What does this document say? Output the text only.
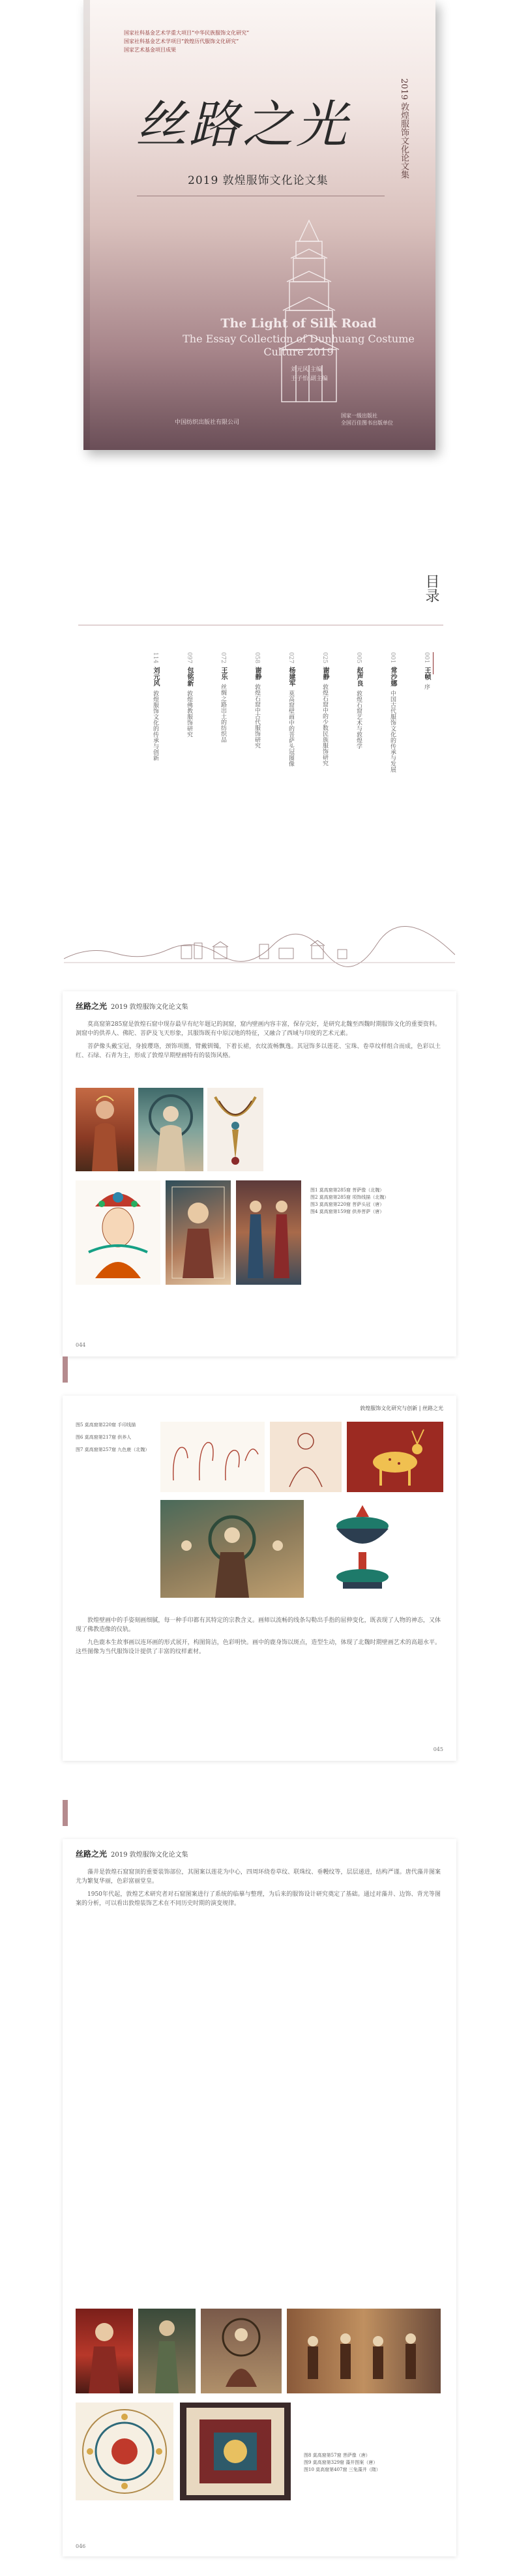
国家社科基金艺术学重大项目“中华民族服饰文化研究”
国家社科基金艺术学项目“敦煌历代服饰文化研究”
国家艺术基金项目成果
丝路之光
2019 敦煌服饰文化论文集
2019 敦煌服饰文化论文集
The Light of Silk Road
The Essay Collection of Dunhuang Costume Culture 2019
刘元风 主编
王子怡 副主编
中国纺织出版社有限公司
国家一级出版社
全国百佳图书出版单位
目录
001  王帧  序
001  常沙娜  中国古代服饰文化的传承与发展
005  赵声良  敦煌石窟艺术与敦煌学
025  谢静  敦煌石窟中的少数民族服饰研究
027  杨建军  莫高窟壁画中的菩萨头冠图像
058  谢静  敦煌石窟中古代服饰研究
072  王乐  丝绸之路出土的纺织品
097  包铭新  敦煌佛教服饰研究
114  刘元风  敦煌服饰文化的传承与创新
丝路之光 2019 敦煌服饰文化论文集

莫高窟第285窟是敦煌石窟中现存最早有纪年题记的洞窟，窟内壁画内容丰富，保存完好，是研究北魏至西魏时期服饰文化的重要资料。洞窟中的供养人、佛陀、菩萨及飞天形象，其服饰既有中原汉地的特征，又融合了西域与印度的艺术元素。

菩萨像头戴宝冠，身披璎珞，颈饰项圈，臂戴钏镯，下着长裙，衣纹流畅飘逸。其冠饰多以莲花、宝珠、卷草纹样组合而成，色彩以土红、石绿、石青为主，形成了敦煌早期壁画特有的装饰风格。

图1 莫高窟第285窟 菩萨像（北魏）
图2 莫高窟第285窟 项饰线描（北魏）
图3 莫高窟第220窟 菩萨头冠（唐）
图4 莫高窟第159窟 供养菩萨（唐）
044
敦煌服饰文化研究与创新 | 丝路之光
图5 莫高窟第220窟 手印线描
图6 莫高窟第217窟 供养人
图7 莫高窟第257窟 九色鹿（北魏）

敦煌壁画中的手姿刻画细腻，每一种手印都有其特定的宗教含义。画师以流畅的线条勾勒出手指的屈伸变化，既表现了人物的神态，又体现了佛教造像的仪轨。

九色鹿本生故事画以连环画的形式展开，构图简洁，色彩明快。画中的鹿身饰以斑点，造型生动，体现了北魏时期壁画艺术的高超水平。这些图像为当代服饰设计提供了丰富的纹样素材。

045
丝路之光 2019 敦煌服饰文化论文集

藻井是敦煌石窟窟顶的重要装饰部位，其图案以莲花为中心，四周环绕卷草纹、联珠纹、垂幔纹等，层层递进，结构严谨。唐代藻井图案尤为繁复华丽，色彩富丽堂皇。

1950年代起，敦煌艺术研究者对石窟图案进行了系统的临摹与整理，为后来的服饰设计研究奠定了基础。通过对藻井、边饰、背光等图案的分析，可以看出敦煌装饰艺术在不同历史时期的演变规律。

图8 莫高窟第57窟 菩萨像（唐）
图9 莫高窟第329窟 藻井图案（唐）
图10 莫高窟第407窟 三兔藻井（隋）
046
